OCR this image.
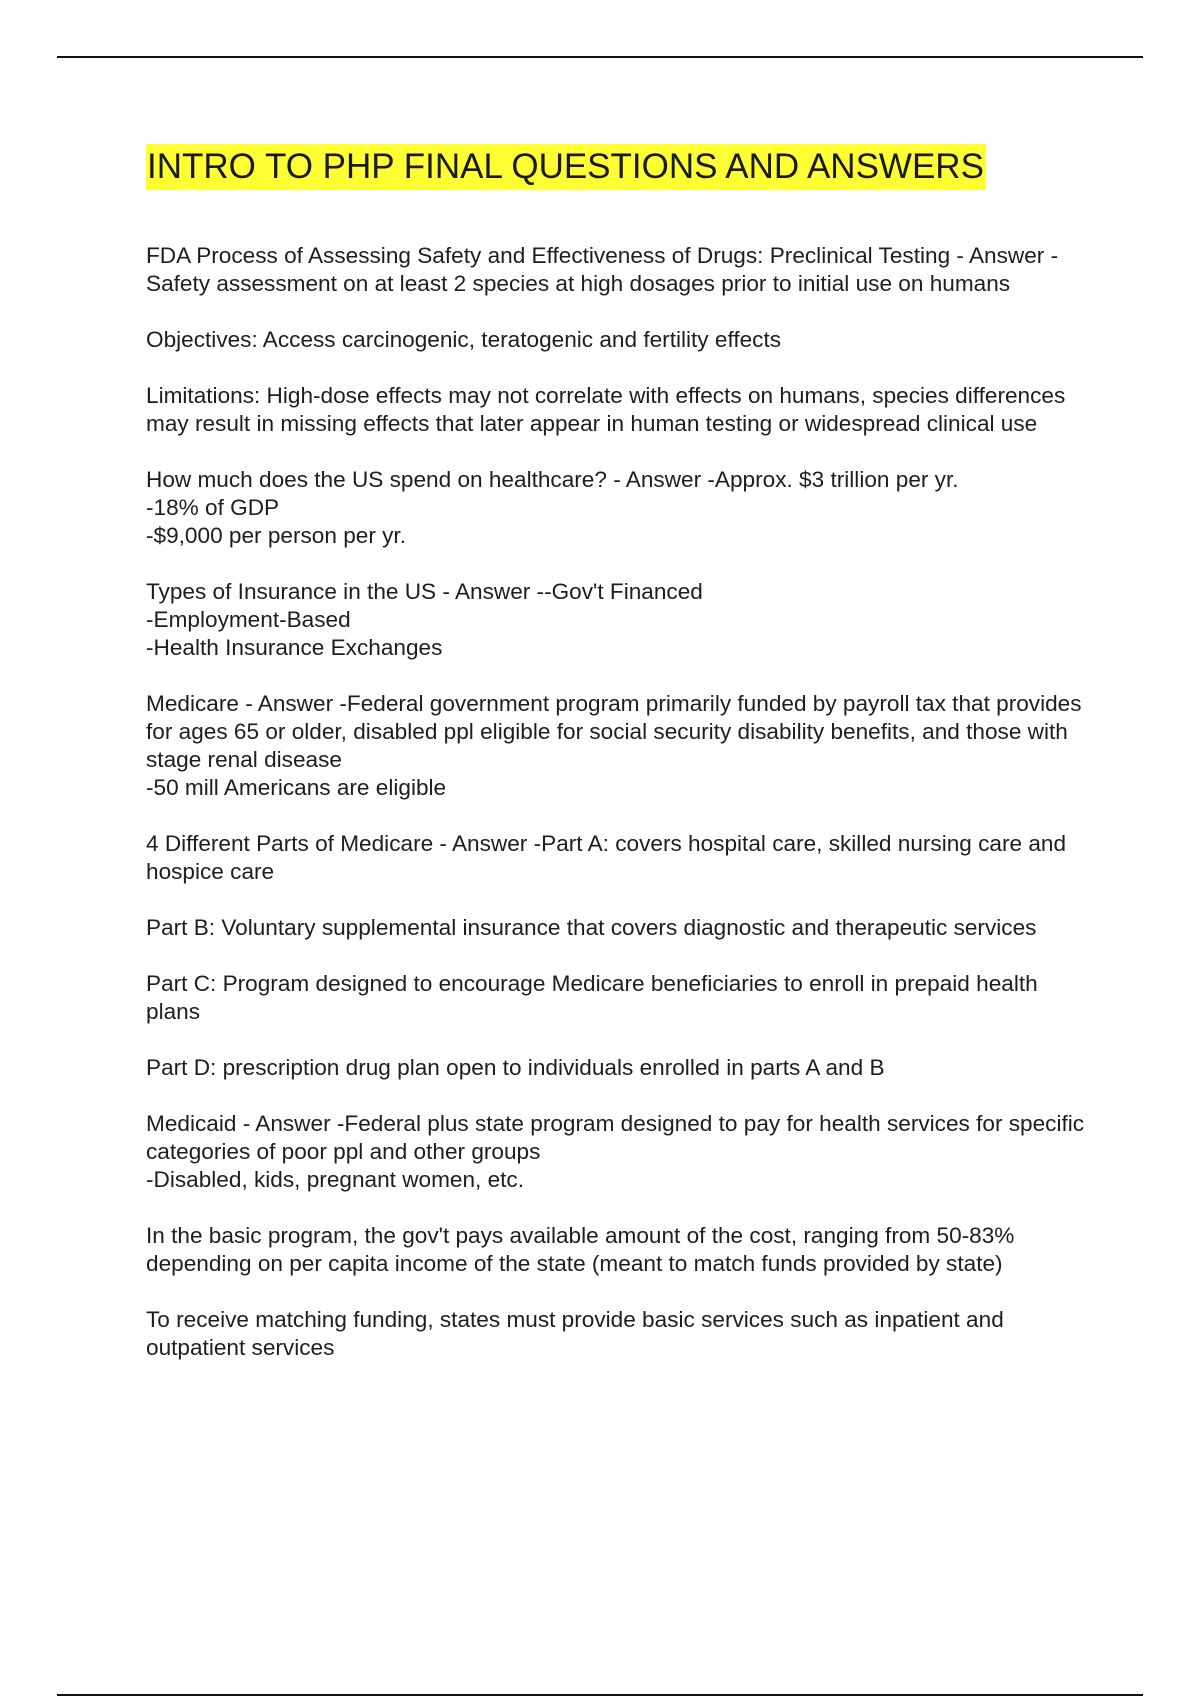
INTRO TO PHP FINAL QUESTIONS AND ANSWERS
FDA Process of Assessing Safety and Effectiveness of Drugs: Preclinical Testing - Answer -Safety assessment on at least 2 species at high dosages prior to initial use on humans
Objectives: Access carcinogenic, teratogenic and fertility effects
Limitations: High-dose effects may not correlate with effects on humans, species differences may result in missing effects that later appear in human testing or widespread clinical use
How much does the US spend on healthcare? - Answer -Approx. $3 trillion per yr.
-18% of GDP
-$9,000 per person per yr.
Types of Insurance in the US - Answer --Gov't Financed
-Employment-Based
-Health Insurance Exchanges
Medicare - Answer -Federal government program primarily funded by payroll tax that provides for ages 65 or older, disabled ppl eligible for social security disability benefits, and those with stage renal disease
-50 mill Americans are eligible
4 Different Parts of Medicare - Answer -Part A: covers hospital care, skilled nursing care and hospice care
Part B: Voluntary supplemental insurance that covers diagnostic and therapeutic services
Part C: Program designed to encourage Medicare beneficiaries to enroll in prepaid health plans
Part D: prescription drug plan open to individuals enrolled in parts A and B
Medicaid - Answer -Federal plus state program designed to pay for health services for specific categories of poor ppl and other groups
-Disabled, kids, pregnant women, etc.
In the basic program, the gov't pays available amount of the cost, ranging from 50-83% depending on per capita income of the state (meant to match funds provided by state)
To receive matching funding, states must provide basic services such as inpatient and outpatient services
